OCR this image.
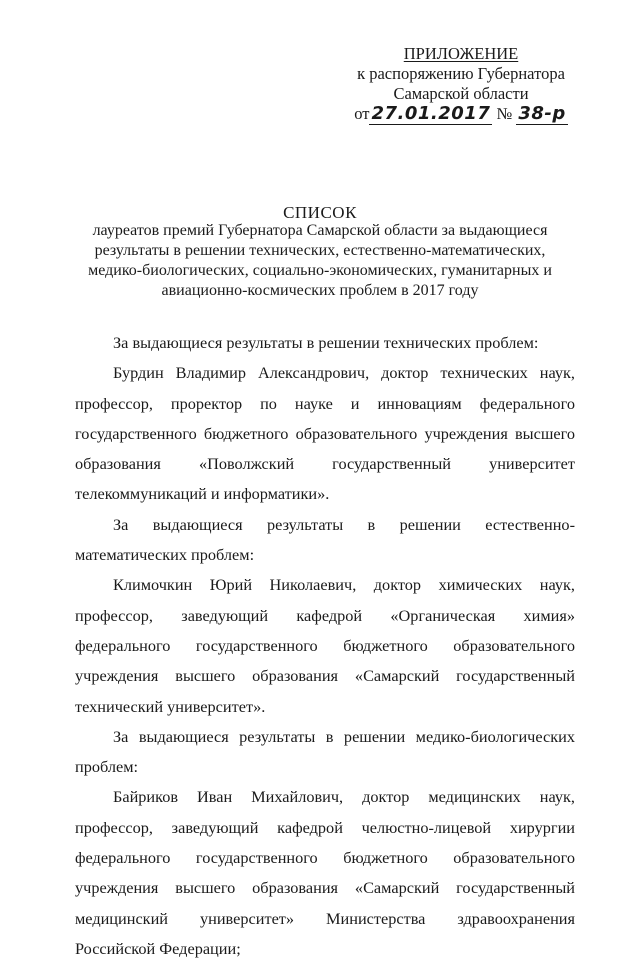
ПРИЛОЖЕНИЕ
к распоряжению Губернатора
Самарской области
от 27.01.2017 № 38-р
СПИСОК
лауреатов премий Губернатора Самарской области за выдающиеся
результаты в решении технических, естественно-математических,
медико-биологических, социально-экономических, гуманитарных и
авиационно-космических проблем в 2017 году

За выдающиеся результаты в решении технических проблем:

Бурдин Владимир Александрович, доктор технических наук, профессор, проректор по науке и инновациям федерального государственного бюджетного образовательного учреждения высшего образования «Поволжский государственный университет телекоммуникаций и информатики».

За выдающиеся результаты в решении естественно-математических проблем:

Климочкин Юрий Николаевич, доктор химических наук, профессор, заведующий кафедрой «Органическая химия» федерального государственного бюджетного образовательного учреждения высшего образования «Самарский государственный технический университет».

За выдающиеся результаты в решении медико-биологических проблем:

Байриков Иван Михайлович, доктор медицинских наук, профессор, заведующий кафедрой челюстно-лицевой хирургии федерального государственного бюджетного образовательного учреждения высшего образования «Самарский государственный медицинский университет» Министерства здравоохранения Российской Федерации;
